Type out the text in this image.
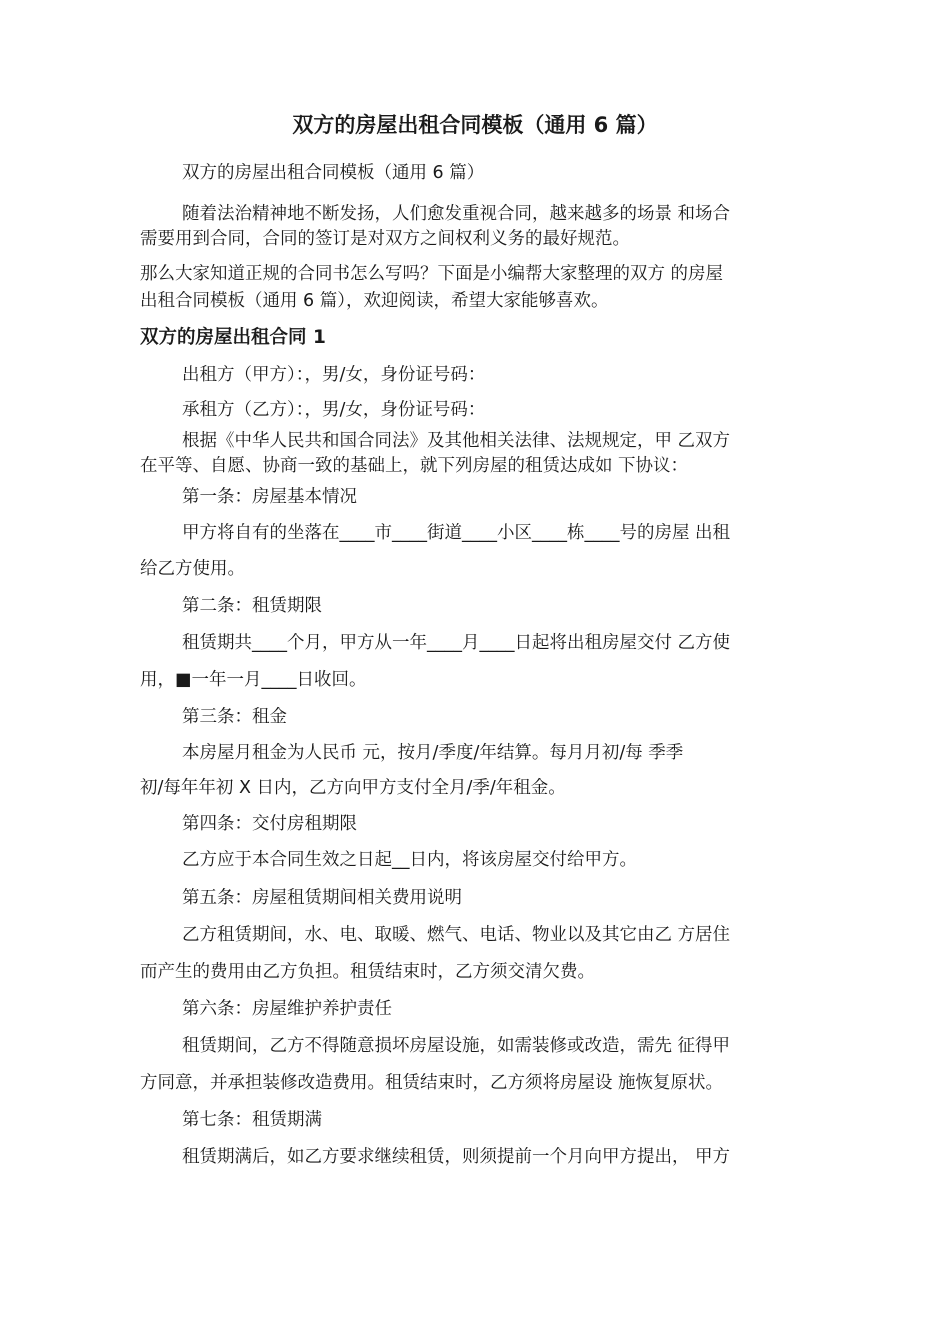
双方的房屋出租合同模板（通用 6 篇）

双方的房屋出租合同模板（通用 6 篇）

随着法治精神地不断发扬，人们愈发重视合同，越来越多的场景 和场合

需要用到合同，合同的签订是对双方之间权利义务的最好规范。

那么大家知道正规的合同书怎么写吗？下面是小编帮大家整理的双方 的房屋

出租合同模板（通用 6 篇），欢迎阅读，希望大家能够喜欢。

双方的房屋出租合同 1

出租方（甲方）：，男/女，身份证号码：

承租方（乙方）：，男/女，身份证号码：

根据《中华人民共和国合同法》及其他相关法律、法规规定，甲 乙双方

在平等、自愿、协商一致的基础上，就下列房屋的租赁达成如 下协议：

第一条：房屋基本情况

甲方将自有的坐落在____市____街道____小区____栋____号的房屋 出租

给乙方使用。

第二条：租赁期限

租赁期共____个月，甲方从一年____月____日起将出租房屋交付 乙方使

用，■一年一月____日收回。

第三条：租金

本房屋月租金为人民币 元，按月/季度/年结算。每月月初/每 季季

初/每年年初 X 日内，乙方向甲方支付全月/季/年租金。

第四条：交付房租期限

乙方应于本合同生效之日起__日内，将该房屋交付给甲方。

第五条：房屋租赁期间相关费用说明

乙方租赁期间，水、电、取暖、燃气、电话、物业以及其它由乙 方居住

而产生的费用由乙方负担。租赁结束时，乙方须交清欠费。

第六条：房屋维护养护责任

租赁期间，乙方不得随意损坏房屋设施，如需装修或改造，需先 征得甲

方同意，并承担装修改造费用。租赁结束时，乙方须将房屋设 施恢复原状。

第七条：租赁期满

租赁期满后，如乙方要求继续租赁，则须提前一个月向甲方提出， 甲方
